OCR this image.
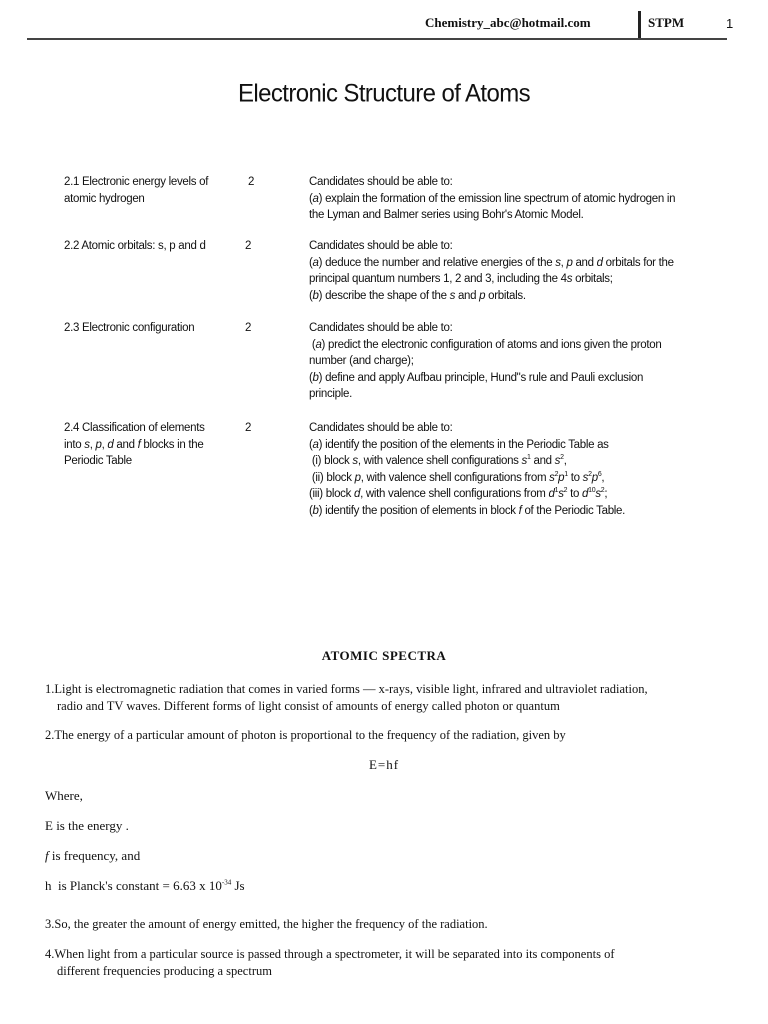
Chemistry_abc@hotmail.com	STPM	1
Electronic Structure of Atoms
2.1 Electronic energy levels of
atomic hydrogen
2	Candidates should be able to:
(a) explain the formation of the emission line spectrum of atomic hydrogen in
the Lyman and Balmer series using Bohr's Atomic Model.
2.2 Atomic orbitals: s, p and d	2	Candidates should be able to:
(a) deduce the number and relative energies of the s, p and d orbitals for the
principal quantum numbers 1, 2 and 3, including the 4s orbitals;
(b) describe the shape of the s and p orbitals.
2.3 Electronic configuration	2	Candidates should be able to:
(a) predict the electronic configuration of atoms and ions given the proton
number (and charge);
(b) define and apply Aufbau principle, Hund"s rule and Pauli exclusion
principle.
2.4 Classification of elements
into s, p, d and f blocks in the
Periodic Table
2	Candidates should be able to:
(a) identify the position of the elements in the Periodic Table as
(i) block s, with valence shell configurations $s^1$ and $s^2$,
(ii) block p, with valence shell configurations from $s^2p^1$ to $s^2p^6$,
(iii) block d, with valence shell configurations from $d^1s^2$ to $d^{10}s^2$;
(b) identify the position of elements in block f of the Periodic Table.
ATOMIC SPECTRA
1.Light is electromagnetic radiation that comes in varied forms — x-rays, visible light, infrared and ultraviolet radiation,
radio and TV waves. Different forms of light consist of amounts of energy called photon or quantum
2.The energy of a particular amount of photon is proportional to the frequency of the radiation, given by
E=hf
Where,
E is the energy .
f is frequency, and
h  is Planck's constant = 6.63 x $10^{-34}$ Js
3.So, the greater the amount of energy emitted, the higher the frequency of the radiation.
4.When light from a particular source is passed through a spectrometer, it will be separated into its components of
different frequencies producing a spectrum
